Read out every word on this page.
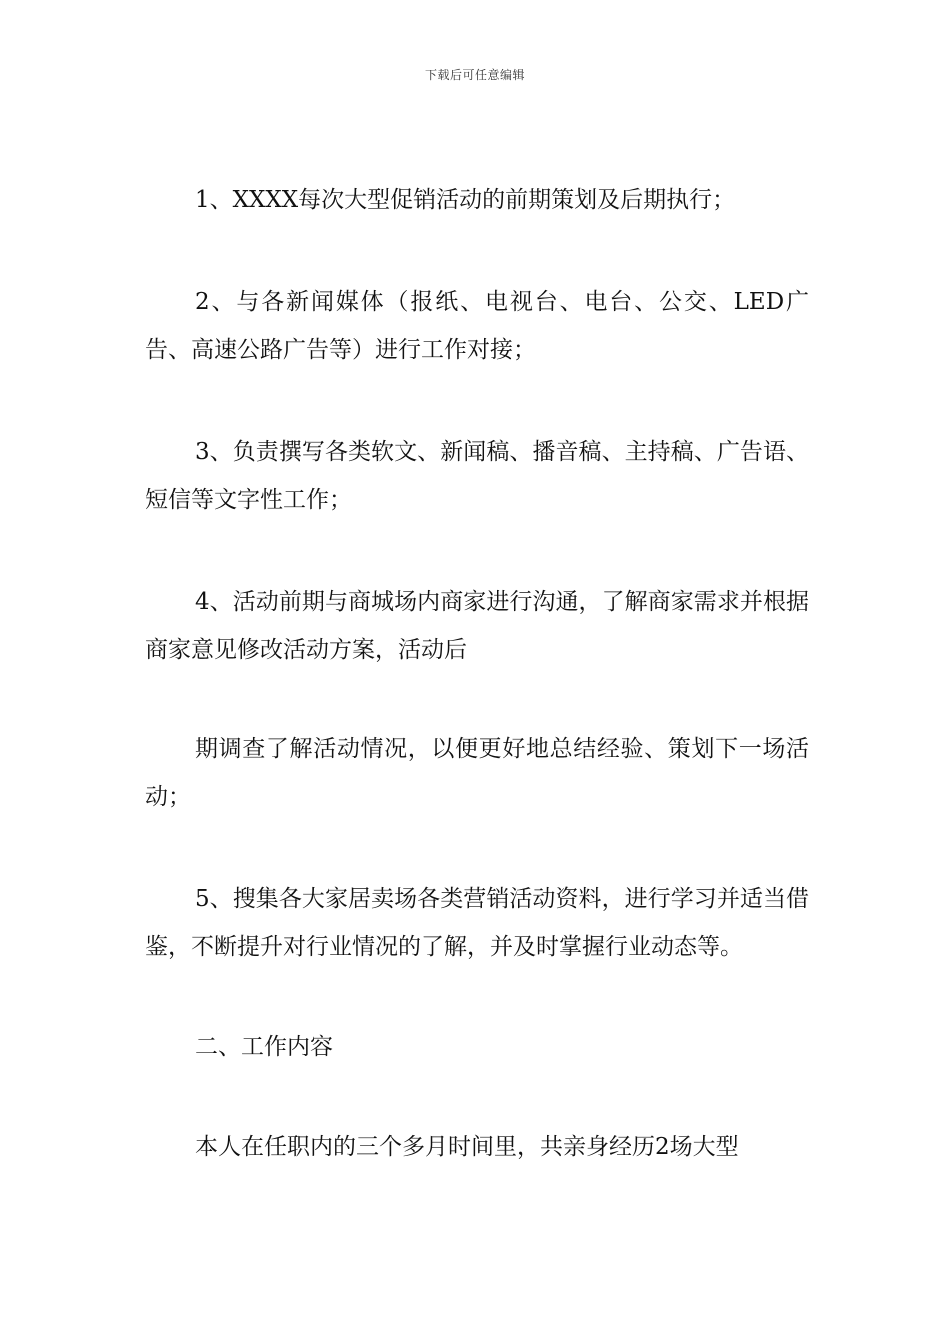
下载后可任意编辑

1、XXXX每次大型促销活动的前期策划及后期执行；

2、与各新闻媒体（报纸、电视台、电台、公交、LED广告、高速公路广告等）进行工作对接；

3、负责撰写各类软文、新闻稿、播音稿、主持稿、广告语、短信等文字性工作；

4、活动前期与商城场内商家进行沟通，了解商家需求并根据商家意见修改活动方案，活动后

期调查了解活动情况，以便更好地总结经验、策划下一场活动；

5、搜集各大家居卖场各类营销活动资料，进行学习并适当借鉴，不断提升对行业情况的了解，并及时掌握行业动态等。

二、工作内容

本人在任职内的三个多月时间里，共亲身经历2场大型
